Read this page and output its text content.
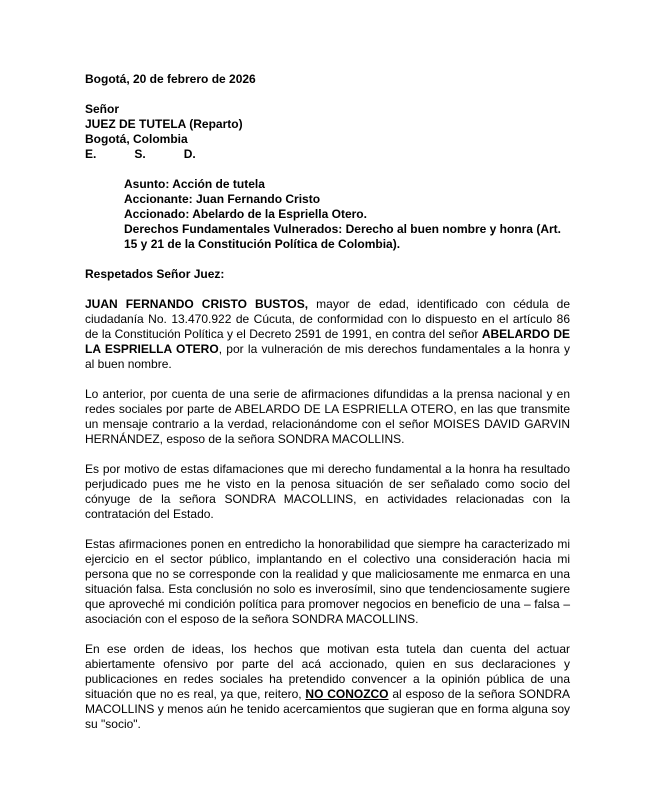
Bogotá, 20 de febrero de 2026
Señor
JUEZ DE TUTELA (Reparto)
Bogotá, Colombia
E.	S.	D.
Asunto: Acción de tutela
Accionante: Juan Fernando Cristo
Accionado: Abelardo de la Espriella Otero.
Derechos Fundamentales Vulnerados: Derecho al buen nombre y honra (Art. 15 y 21 de la Constitución Política de Colombia).
Respetados Señor Juez:

JUAN FERNANDO CRISTO BUSTOS, mayor de edad, identificado con cédula de ciudadanía No. 13.470.922 de Cúcuta, de conformidad con lo dispuesto en el artículo 86 de la Constitución Política y el Decreto 2591 de 1991, en contra del señor ABELARDO DE LA ESPRIELLA OTERO, por la vulneración de mis derechos fundamentales a la honra y al buen nombre.

Lo anterior, por cuenta de una serie de afirmaciones difundidas a la prensa nacional y en redes sociales por parte de ABELARDO DE LA ESPRIELLA OTERO, en las que transmite un mensaje contrario a la verdad, relacionándome con el señor MOISES DAVID GARVIN HERNÁNDEZ, esposo de la señora SONDRA MACOLLINS.

Es por motivo de estas difamaciones que mi derecho fundamental a la honra ha resultado perjudicado pues me he visto en la penosa situación de ser señalado como socio del cónyuge de la señora SONDRA MACOLLINS, en actividades relacionadas con la contratación del Estado.

Estas afirmaciones ponen en entredicho la honorabilidad que siempre ha caracterizado mi ejercicio en el sector público, implantando en el colectivo una consideración hacia mi persona que no se corresponde con la realidad y que maliciosamente me enmarca en una situación falsa. Esta conclusión no solo es inverosímil, sino que tendenciosamente sugiere que aproveché mi condición política para promover negocios en beneficio de una – falsa – asociación con el esposo de la señora SONDRA MACOLLINS.

En ese orden de ideas, los hechos que motivan esta tutela dan cuenta del actuar abiertamente ofensivo por parte del acá accionado, quien en sus declaraciones y publicaciones en redes sociales ha pretendido convencer a la opinión pública de una situación que no es real, ya que, reitero, NO CONOZCO al esposo de la señora SONDRA MACOLLINS y menos aún he tenido acercamientos que sugieran que en forma alguna soy su "socio".
